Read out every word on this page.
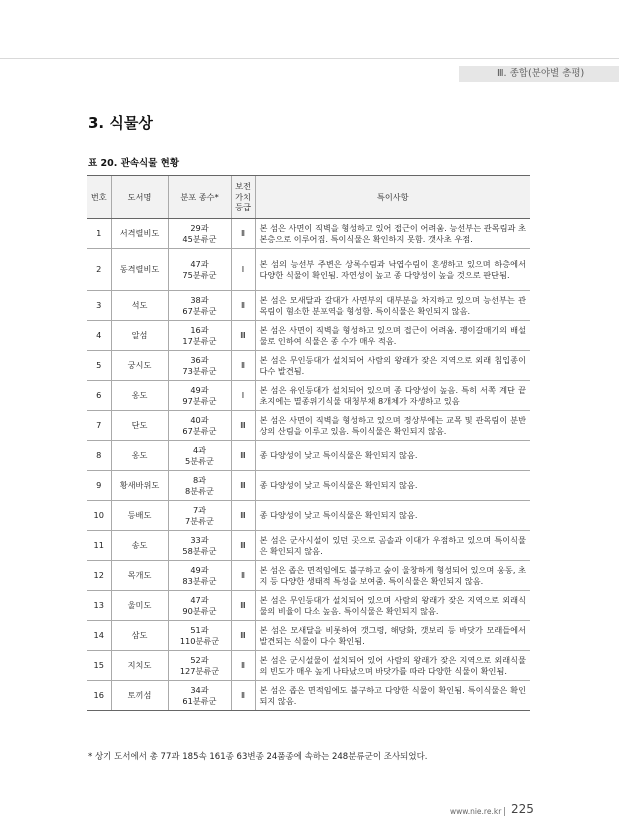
Ⅲ. 종합(분야별 총평)
3. 식물상
표 20. 관속식물 현황
번호	도서명	분포 종수*	보전
가치
등급	특이사항
1	서격렬비도	29과
45분류군	Ⅱ	본 섬은 사면이 직벽을 형성하고 있어 접근이 어려움. 능선부는 관목림과 초본층으로 이루어짐. 특이식물은 확인하지 못함. 갯사초 우점.
2	동격렬비도	47과
75분류군	Ⅰ	본 섬의 능선부 주변은 상록수림과 낙엽수림이 혼생하고 있으며 하층에서 다양한 식물이 확인됨. 자연성이 높고 종 다양성이 높을 것으로 판단됨.
3	석도	38과
67분류군	Ⅱ	본 섬은 모새달과 갈대가 사면부의 대부분을 차지하고 있으며 능선부는 관목림이 혐소한 분포역을 형성함. 특이식물은 확인되지 않음.
4	알섬	16과
17분류군	Ⅲ	본 섬은 사면이 직벽을 형성하고 있으며 접근이 어려움. 괭이갈매기의 배설물로 인하여 식물은 종 수가 매우 적음.
5	궁시도	36과
73분류군	Ⅱ	본 섬은 무인등대가 설치되어 사람의 왕래가 잦은 지역으로 외래 침입종이 다수 발견됨.
6	옹도	49과
97분류군	Ⅰ	본 섬은 유인등대가 설치되어 있으며 종 다양성이 높음. 특히 서쪽 계단 끝 초지에는 멸종위기식물 대청부채 8개체가 자생하고 있음
7	단도	40과
67분류군	Ⅲ	본 섬은 사면이 직벽을 형성하고 있으며 정상부에는 교목 및 관목림이 분반상의 산림을 이루고 있음. 특이식물은 확인되지 않음.
8	옹도	4과
5분류군	Ⅲ	종 다양성이 낮고 특이식물은 확인되지 않음.
9	황새바위도	8과
8분류군	Ⅲ	종 다양성이 낮고 특이식물은 확인되지 않음.
10	등배도	7과
7분류군	Ⅲ	종 다양성이 낮고 특이식물은 확인되지 않음.
11	송도	33과
58분류군	Ⅲ	본 섬은 군사시설이 있던 곳으로 곰솔과 이대가 우점하고 있으며 특이식물은 확인되지 않음.
12	목개도	49과
83분류군	Ⅱ	본 섬은 좁은 면적임에도 불구하고 숲이 울창하게 형성되어 있으며 웅동, 초지 등 다양한 생태적 특성을 보여줌. 특이식물은 확인되지 않음.
13	울미도	47과
90분류군	Ⅲ	본 섬은 무인등대가 설치되어 있으며 사람의 왕래가 잦은 지역으로 외래식물의 비율이 다소 높음. 특이식물은 확인되지 않음.
14	삼도	51과
110분류군	Ⅲ	본 섬은 모새달을 비롯하여 갯그령, 해당화, 갯보리 등 바닷가 모래들에서 발견되는 식물이 다수 확인됨.
15	지치도	52과
127분류군	Ⅱ	본 섬은 군시설물이 설치되어 있어 사람의 왕래가 잦은 지역으로 외래식물의 빈도가 매우 높게 나타났으며 바닷가를 따라 다양한 식물이 확인됨.
16	토끼섬	34과
61분류군	Ⅱ	본 섬은 좁은 면적임에도 불구하고 다양한 식물이 확인됨. 특이식물은 확인되지 않음.
* 상기 도서에서 총 77과 185속 161종 63변종 24품종에 속하는 248분류군이 조사되었다.
www.nie.re.kr 225
